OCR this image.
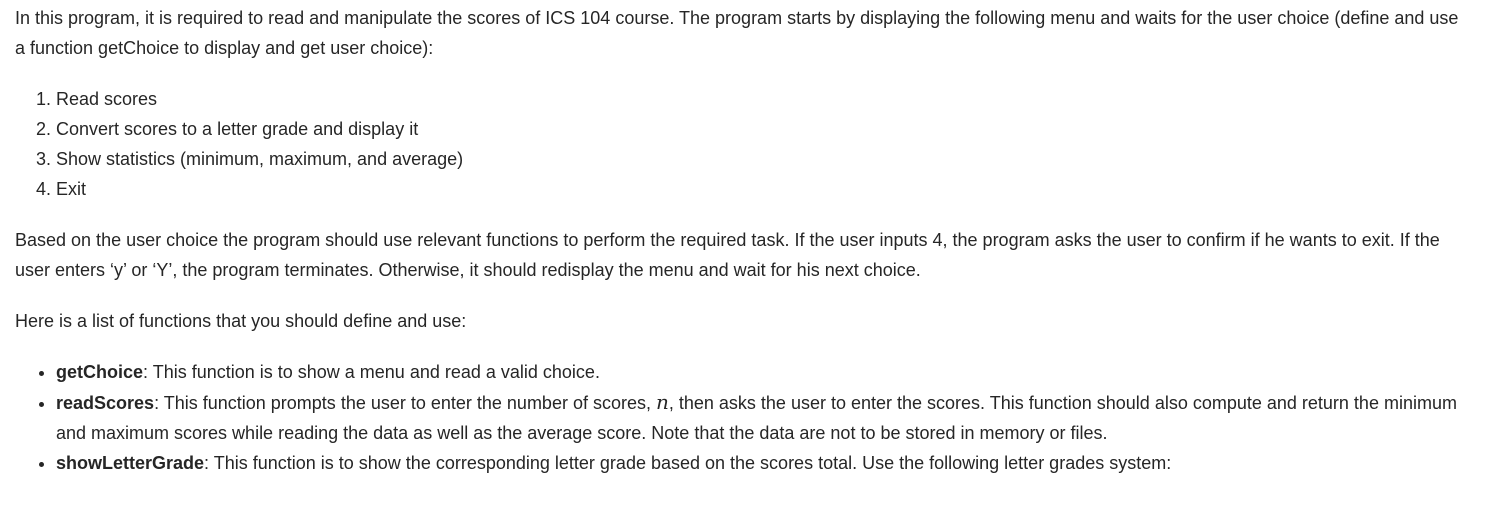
In this program, it is required to read and manipulate the scores of ICS 104 course. The program starts by displaying the following menu and waits for the user choice (define and use a function getChoice to display and get user choice):

1. Read scores
2. Convert scores to a letter grade and display it
3. Show statistics (minimum, maximum, and average)
4. Exit

Based on the user choice the program should use relevant functions to perform the required task. If the user inputs 4, the program asks the user to confirm if he wants to exit. If the user enters ‘y’ or ‘Y’, the program terminates. Otherwise, it should redisplay the menu and wait for his next choice.

Here is a list of functions that you should define and use:

• getChoice: This function is to show a menu and read a valid choice.
• readScores: This function prompts the user to enter the number of scores, n, then asks the user to enter the scores. This function should also compute and return the minimum and maximum scores while reading the data as well as the average score. Note that the data are not to be stored in memory or files.
• showLetterGrade: This function is to show the corresponding letter grade based on the scores total. Use the following letter grades system:
